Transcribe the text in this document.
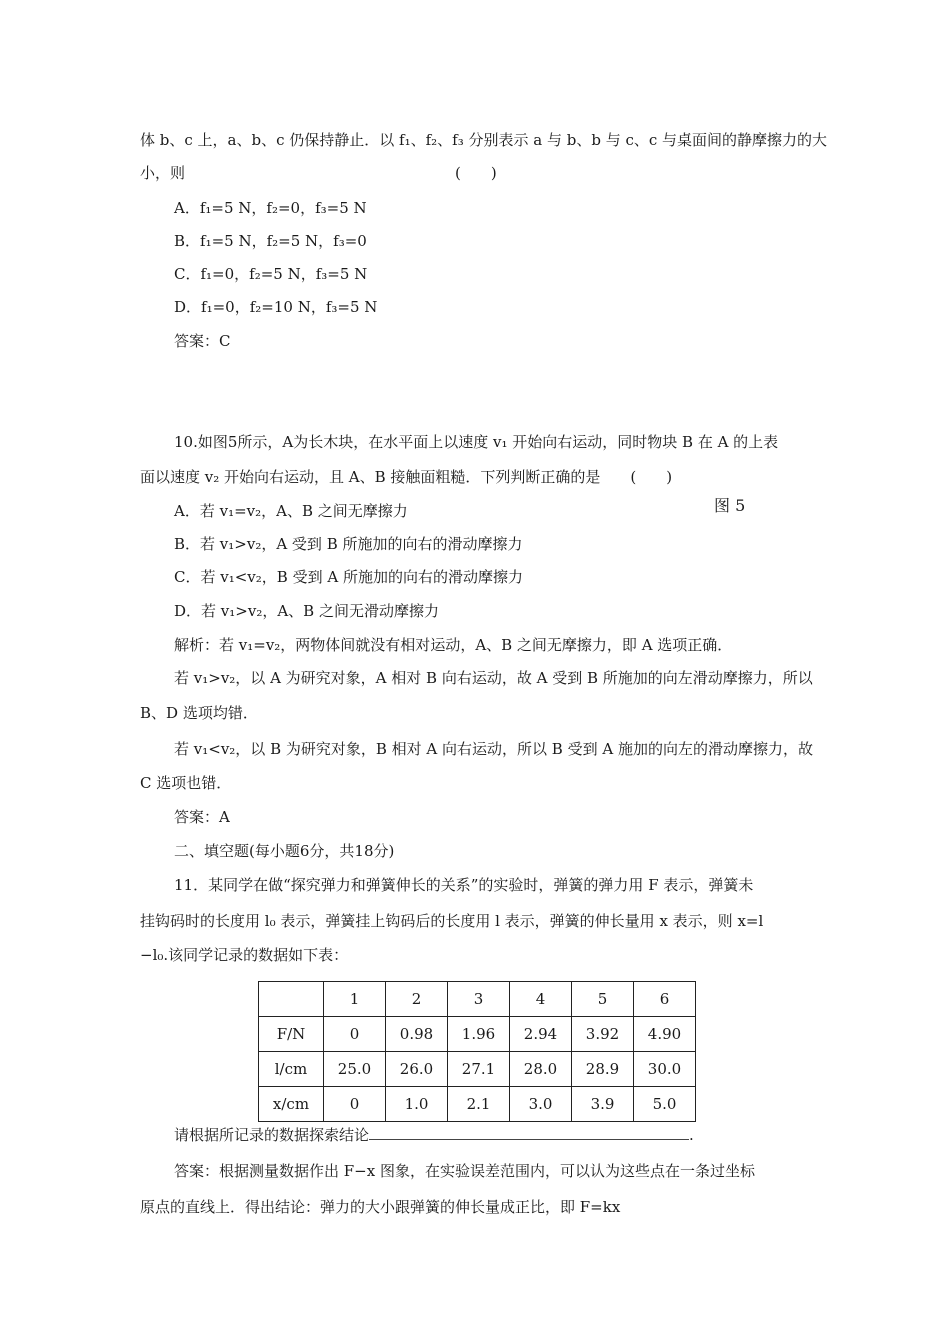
体 b、c 上，a、b、c 仍保持静止．以 f₁、f₂、f₃ 分别表示 a 与 b、b 与 c、c 与桌面间的静摩擦力的大
小，则　　　　　　　　　　　　　　　　　　(　　)
A．f₁=5 N，f₂=0，f₃=5 N
B．f₁=5 N，f₂=5 N，f₃=0
C．f₁=0，f₂=5 N，f₃=5 N
D．f₁=0，f₂=10 N，f₃=5 N
答案：C
10.如图5所示，A为长木块，在水平面上以速度 v₁ 开始向右运动，同时物块 B 在 A 的上表
面以速度 v₂ 开始向右运动，且 A、B 接触面粗糙．下列判断正确的是　　(　　)
图 5
A．若 v₁=v₂，A、B 之间无摩擦力
B．若 v₁>v₂，A 受到 B 所施加的向右的滑动摩擦力
C．若 v₁<v₂，B 受到 A 所施加的向右的滑动摩擦力
D．若 v₁>v₂，A、B 之间无滑动摩擦力
解析：若 v₁=v₂，两物体间就没有相对运动，A、B 之间无摩擦力，即 A 选项正确．
若 v₁>v₂，以 A 为研究对象，A 相对 B 向右运动，故 A 受到 B 所施加的向左滑动摩擦力，所以
B、D 选项均错．
若 v₁<v₂，以 B 为研究对象，B 相对 A 向右运动，所以 B 受到 A 施加的向左的滑动摩擦力，故
C 选项也错．
答案：A
二、填空题(每小题6分，共18分)
11．某同学在做“探究弹力和弹簧伸长的关系”的实验时，弹簧的弹力用 F 表示，弹簧未
挂钩码时的长度用 l₀ 表示，弹簧挂上钩码后的长度用 l 表示，弹簧的伸长量用 x 表示，则 x=l
−l₀.该同学记录的数据如下表：
	1	2	3	4	5	6
F/N	0	0.98	1.96	2.94	3.92	4.90
l/cm	25.0	26.0	27.1	28.0	28.9	30.0
x/cm	0	1.0	2.1	3.0	3.9	5.0
请根据所记录的数据探索结论	.
答案：根据测量数据作出 F−x 图象，在实验误差范围内，可以认为这些点在一条过坐标
原点的直线上．得出结论：弹力的大小跟弹簧的伸长量成正比，即 F=kx
